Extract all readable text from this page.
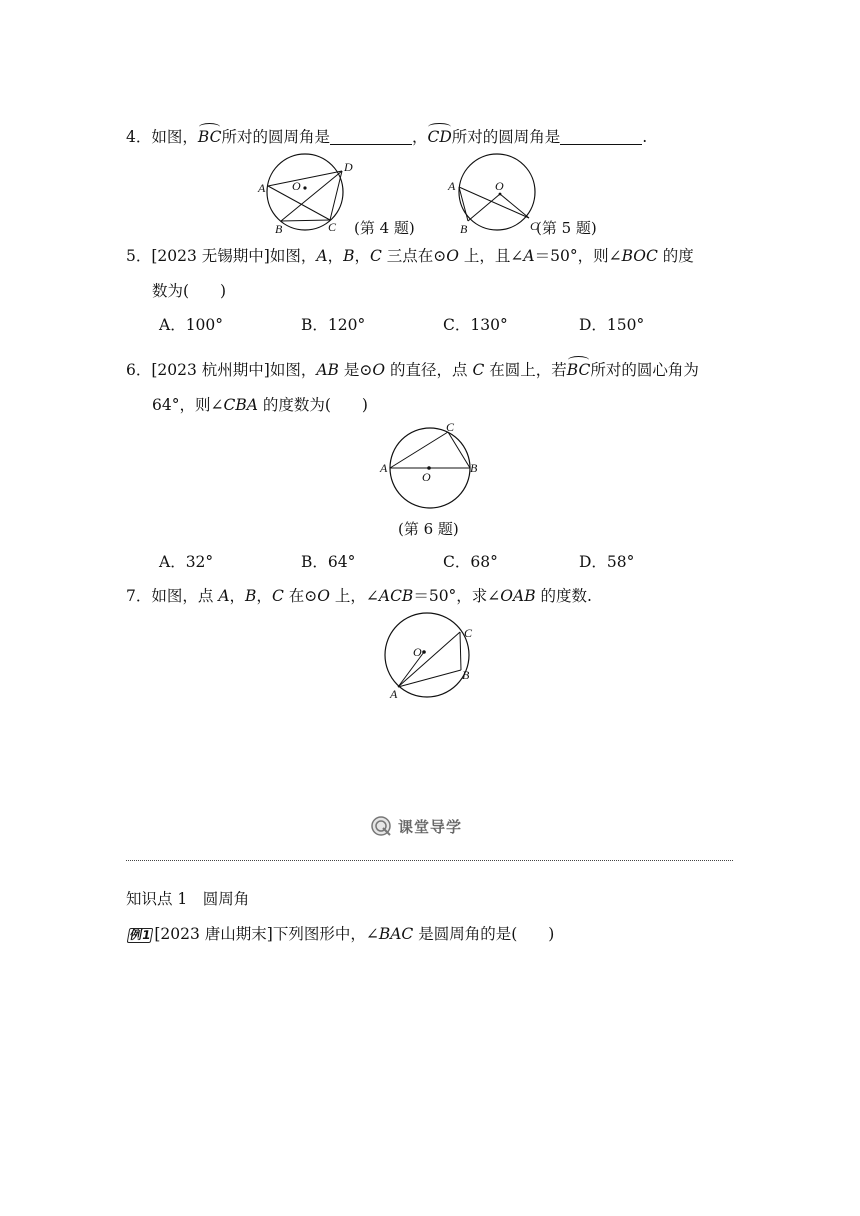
4．如图，BC所对的圆周角是	，CD所对的圆周角是	.
A
B	C
D
O
(第 4 题)
A
B	C
O
(第 5 题)
5．[2023 无锡期中]如图，A，B，C 三点在⊙O 上，且∠A＝50°，则∠BOC 的度
数为(　　)
A．100°	B．120°	C．130°	D．150°
6．[2023 杭州期中]如图，AB 是⊙O 的直径，点 C 在圆上，若BC所对的圆心角为
64°，则∠CBA 的度数为(　　)
A	B
C
O
(第 6 题)
A．32°	B．64°	C．68°	D．58°
7．如图，点 A，B，C 在⊙O 上，∠ACB＝50°，求∠OAB 的度数.
A
B
C
O
课堂导学
知识点 1　圆周角
例1 [2023 唐山期末]下列图形中，∠BAC 是圆周角的是(　　)
